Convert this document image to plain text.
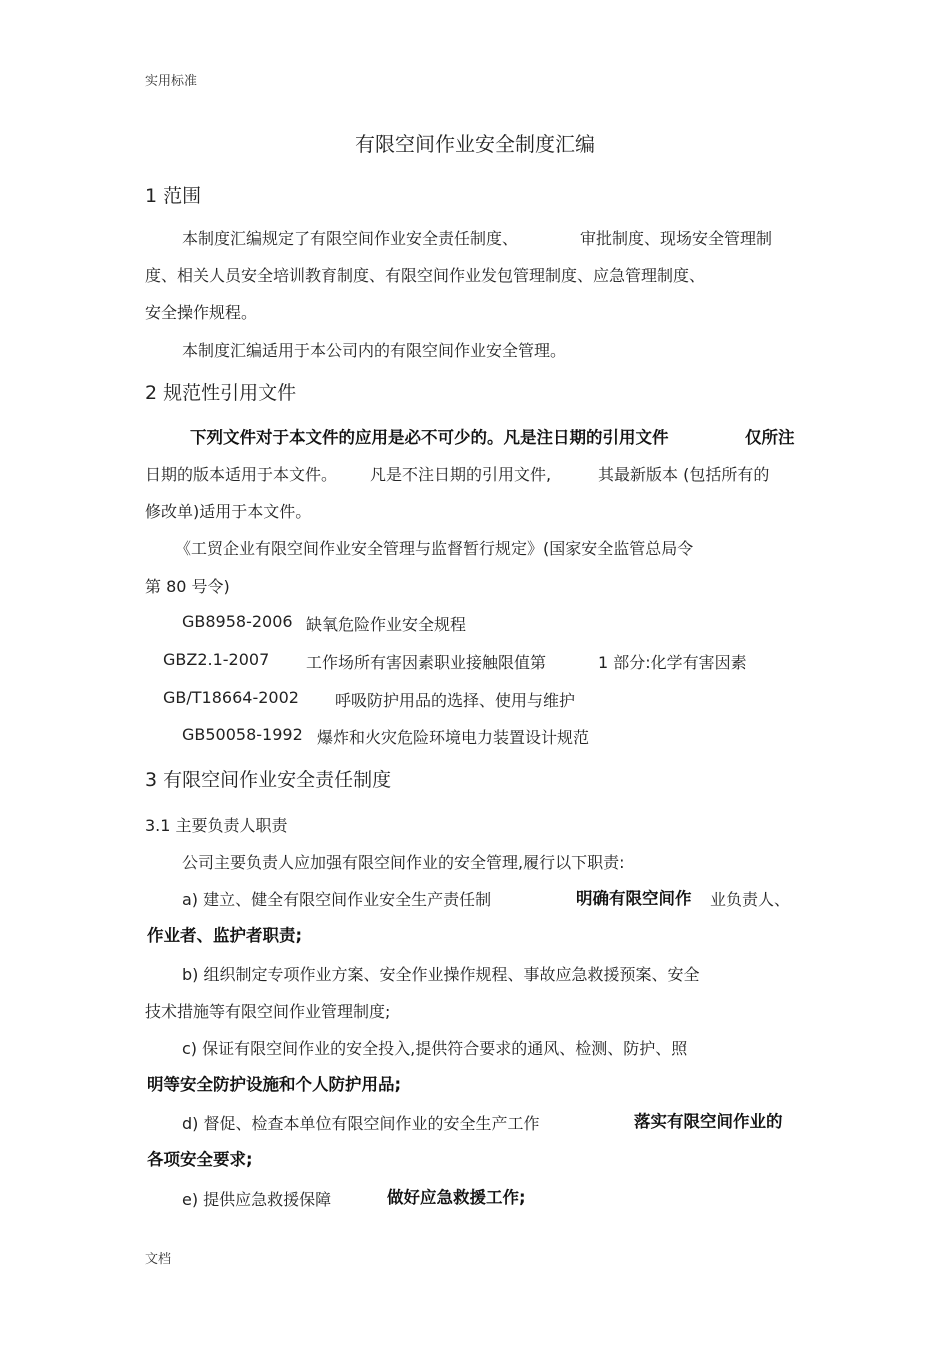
实用标准
有限空间作业安全制度汇编
1 范围
本制度汇编规定了有限空间作业安全责任制度、	审批制度、现场安全管理制
度、相关人员安全培训教育制度、有限空间作业发包管理制度、应急管理制度、
安全操作规程。
本制度汇编适用于本公司内的有限空间作业安全管理。
2 规范性引用文件
下列文件对于本文件的应用是必不可少的。凡是注日期的引用文件	仅所注
日期的版本适用于本文件。 凡是不注日期的引用文件,	其最新版本 (包括所有的
修改单)适用于本文件。
《工贸企业有限空间作业安全管理与监督暂行规定》(国家安全监管总局令
第 80 号令)
GB8958-2006 缺氧危险作业安全规程
GBZ2.1-2007 工作场所有害因素职业接触限值第	1 部分:化学有害因素
GB/T18664-2002 呼吸防护用品的选择、使用与维护
GB50058-1992 爆炸和火灾危险环境电力装置设计规范
3 有限空间作业安全责任制度
3.1 主要负责人职责
公司主要负责人应加强有限空间作业的安全管理,履行以下职责:
a) 建立、健全有限空间作业安全生产责任制	明确有限空间作 业负责人、
作业者、监护者职责;
b) 组织制定专项作业方案、安全作业操作规程、事故应急救援预案、安全
技术措施等有限空间作业管理制度;
c) 保证有限空间作业的安全投入,提供符合要求的通风、检测、防护、照
明等安全防护设施和个人防护用品;
d) 督促、检查本单位有限空间作业的安全生产工作	落实有限空间作业的
各项安全要求;
e) 提供应急救援保障	做好应急救援工作;
文档
